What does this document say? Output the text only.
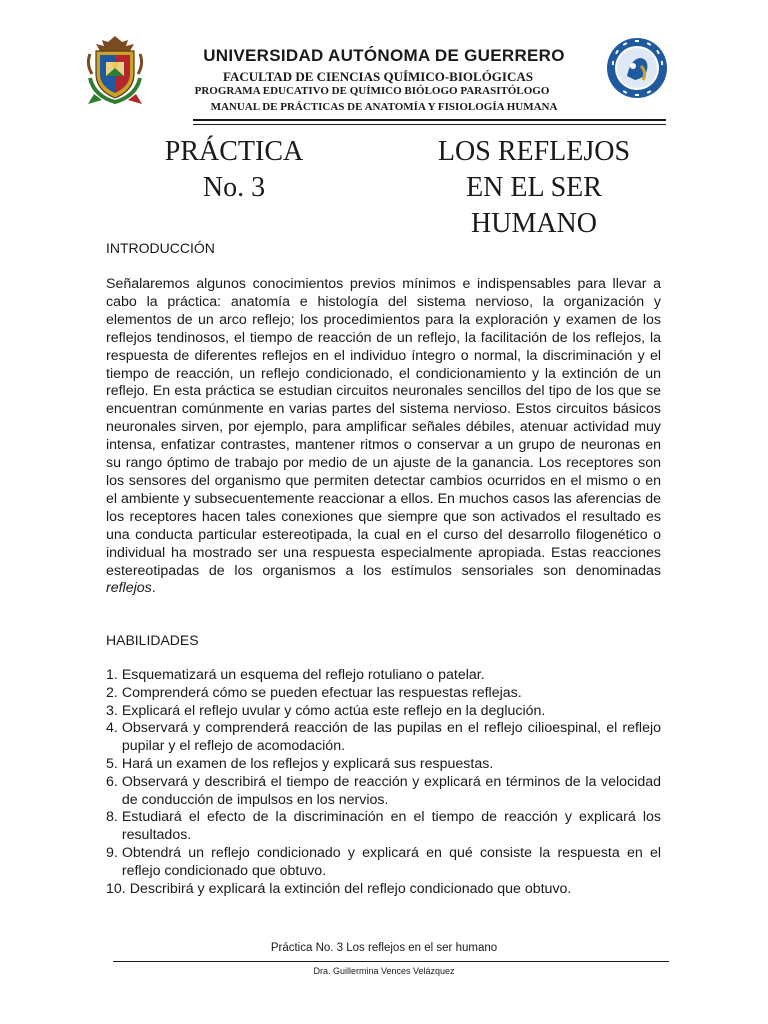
UNIVERSIDAD AUTÓNOMA DE GUERRERO
FACULTAD DE CIENCIAS QUÍMICO-BIOLÓGICAS
PROGRAMA EDUCATIVO DE QUÍMICO BIÓLOGO PARASITÓLOGO
MANUAL DE PRÁCTICAS DE ANATOMÍA Y FISIOLOGÍA HUMANA
PRÁCTICA
No. 3
LOS REFLEJOS
EN EL SER
HUMANO
INTRODUCCIÓN

Señalaremos algunos conocimientos previos mínimos e indispensables para llevar a cabo la práctica: anatomía e histología del sistema nervioso, la organización y elementos de un arco reflejo; los procedimientos para la exploración y examen de los reflejos tendinosos, el tiempo de reacción de un reflejo, la facilitación de los reflejos, la respuesta de diferentes reflejos en el individuo íntegro o normal, la discriminación y el tiempo de reacción, un reflejo condicionado, el condicionamiento y la extinción de un reflejo. En esta práctica se estudian circuitos neuronales sencillos del tipo de los que se encuentran comúnmente en varias partes del sistema nervioso. Estos circuitos básicos neuronales sirven, por ejemplo, para amplificar señales débiles, atenuar actividad muy intensa, enfatizar contrastes, mantener ritmos o conservar a un grupo de neuronas en su rango óptimo de trabajo por medio de un ajuste de la ganancia. Los receptores son los sensores del organismo que permiten detectar cambios ocurridos en el mismo o en el ambiente y subsecuentemente reaccionar a ellos. En muchos casos las aferencias de los receptores hacen tales conexiones que siempre que son activados el resultado es una conducta particular estereotipada, la cual en el curso del desarrollo filogenético o individual ha mostrado ser una respuesta especialmente apropiada. Estas reacciones estereotipadas de los organismos a los estímulos sensoriales son denominadas reflejos.

HABILIDADES
1. Esquematizará un esquema del reflejo rotuliano o patelar.
2. Comprenderá cómo se pueden efectuar las respuestas reflejas.
3. Explicará el reflejo uvular y cómo actúa este reflejo en la deglución.
4. Observará y comprenderá reacción de las pupilas en el reflejo cilioespinal, el reflejo pupilar y el reflejo de acomodación.
5. Hará un examen de los reflejos y explicará sus respuestas.
6. Observará y describirá el tiempo de reacción y explicará en términos de la velocidad de conducción de impulsos en los nervios.
8. Estudiará el efecto de la discriminación en el tiempo de reacción y explicará los resultados.
9. Obtendrá un reflejo condicionado y explicará en qué consiste la respuesta en el reflejo condicionado que obtuvo.
10. Describirá y explicará la extinción del reflejo condicionado que obtuvo.
Práctica No. 3 Los reflejos en el ser humano
Dra. Guillermina Vences Velázquez
